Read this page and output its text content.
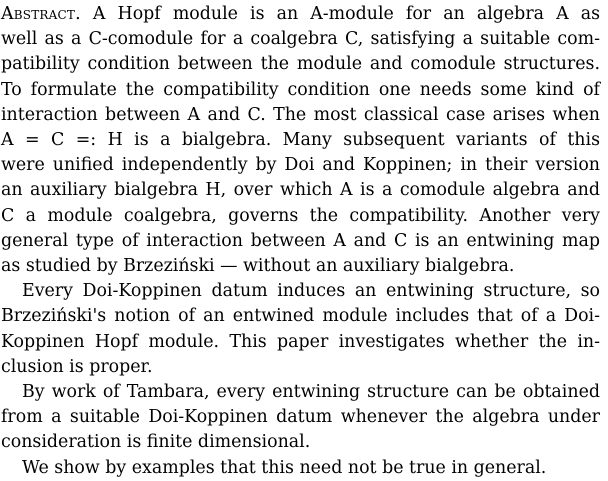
Abstract. A Hopf module is an A-module for an algebra A as
well as a C-comodule for a coalgebra C, satisfying a suitable com-
patibility condition between the module and comodule structures.
To formulate the compatibility condition one needs some kind of
interaction between A and C. The most classical case arises when
A = C =: H is a bialgebra. Many subsequent variants of this
were unified independently by Doi and Koppinen; in their version
an auxiliary bialgebra H, over which A is a comodule algebra and
C a module coalgebra, governs the compatibility. Another very
general type of interaction between A and C is an entwining map
as studied by Brzeziński — without an auxiliary bialgebra.
Every Doi-Koppinen datum induces an entwining structure, so
Brzeziński's notion of an entwined module includes that of a Doi-
Koppinen Hopf module. This paper investigates whether the in-
clusion is proper.
By work of Tambara, every entwining structure can be obtained
from a suitable Doi-Koppinen datum whenever the algebra under
consideration is finite dimensional.
We show by examples that this need not be true in general.
